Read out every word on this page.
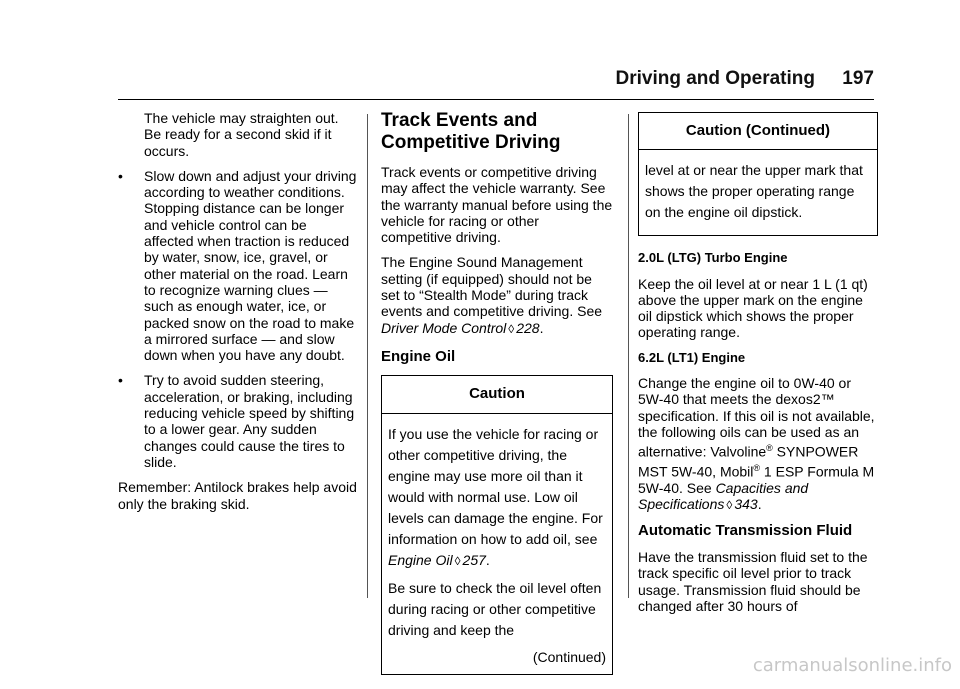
Driving and Operating 197

The vehicle may straighten out. Be ready for a second skid if it occurs.

• Slow down and adjust your driving according to weather conditions. Stopping distance can be longer and vehicle control can be affected when traction is reduced by water, snow, ice, gravel, or other material on the road. Learn to recognize warning clues — such as enough water, ice, or packed snow on the road to make a mirrored surface — and slow down when you have any doubt.
• Try to avoid sudden steering, acceleration, or braking, including reducing vehicle speed by shifting to a lower gear. Any sudden changes could cause the tires to slide.

Remember: Antilock brakes help avoid only the braking skid.

Track Events and Competitive Driving

Track events or competitive driving may affect the vehicle warranty. See the warranty manual before using the vehicle for racing or other competitive driving.

The Engine Sound Management setting (if equipped) should not be set to “Stealth Mode” during track events and competitive driving. See Driver Mode Control ◊ 228.

Engine Oil
Caution

If you use the vehicle for racing or other competitive driving, the engine may use more oil than it would with normal use. Low oil levels can damage the engine. For information on how to add oil, see Engine Oil ◊ 257.

Be sure to check the oil level often during racing or other competitive driving and keep the

(Continued)
Caution (Continued)

level at or near the upper mark that shows the proper operating range on the engine oil dipstick.

2.0L (LTG) Turbo Engine

Keep the oil level at or near 1 L (1 qt) above the upper mark on the engine oil dipstick which shows the proper operating range.

6.2L (LT1) Engine

Change the engine oil to 0W-40 or 5W-40 that meets the dexos2™ specification. If this oil is not available, the following oils can be used as an alternative: Valvoline® SYNPOWER MST 5W-40, Mobil® 1 ESP Formula M 5W-40. See Capacities and Specifications ◊ 343.

Automatic Transmission Fluid

Have the transmission fluid set to the track specific oil level prior to track usage. Transmission fluid should be changed after 30 hours of

carmanualsonline.info
